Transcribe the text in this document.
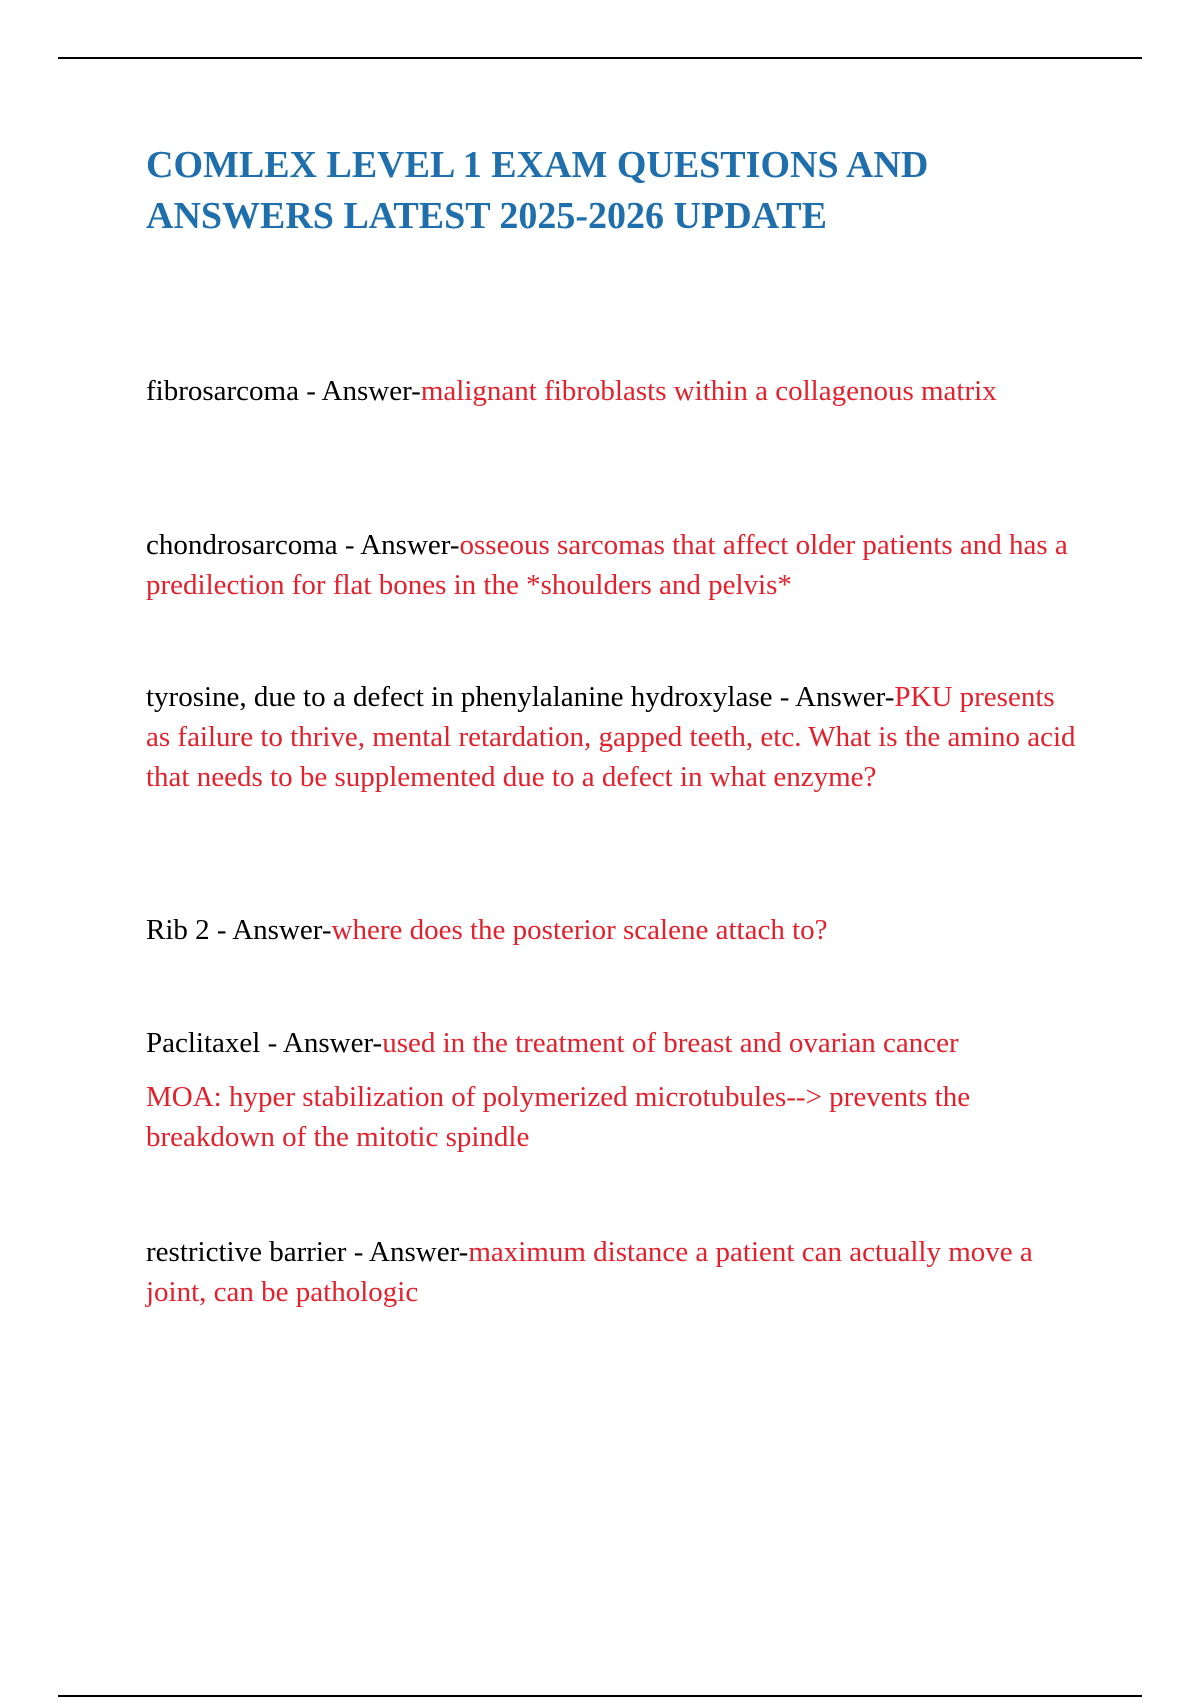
COMLEX LEVEL 1 EXAM QUESTIONS AND
ANSWERS LATEST 2025-2026 UPDATE

fibrosarcoma - Answer-malignant fibroblasts within a collagenous matrix

chondrosarcoma - Answer-osseous sarcomas that affect older patients and has a predilection for flat bones in the *shoulders and pelvis*

tyrosine, due to a defect in phenylalanine hydroxylase - Answer-PKU presents as failure to thrive, mental retardation, gapped teeth, etc. What is the amino acid that needs to be supplemented due to a defect in what enzyme?

Rib 2 - Answer-where does the posterior scalene attach to?

Paclitaxel - Answer-used in the treatment of breast and ovarian cancer

MOA: hyper stabilization of polymerized microtubules--> prevents the breakdown of the mitotic spindle

restrictive barrier - Answer-maximum distance a patient can actually move a joint, can be pathologic
